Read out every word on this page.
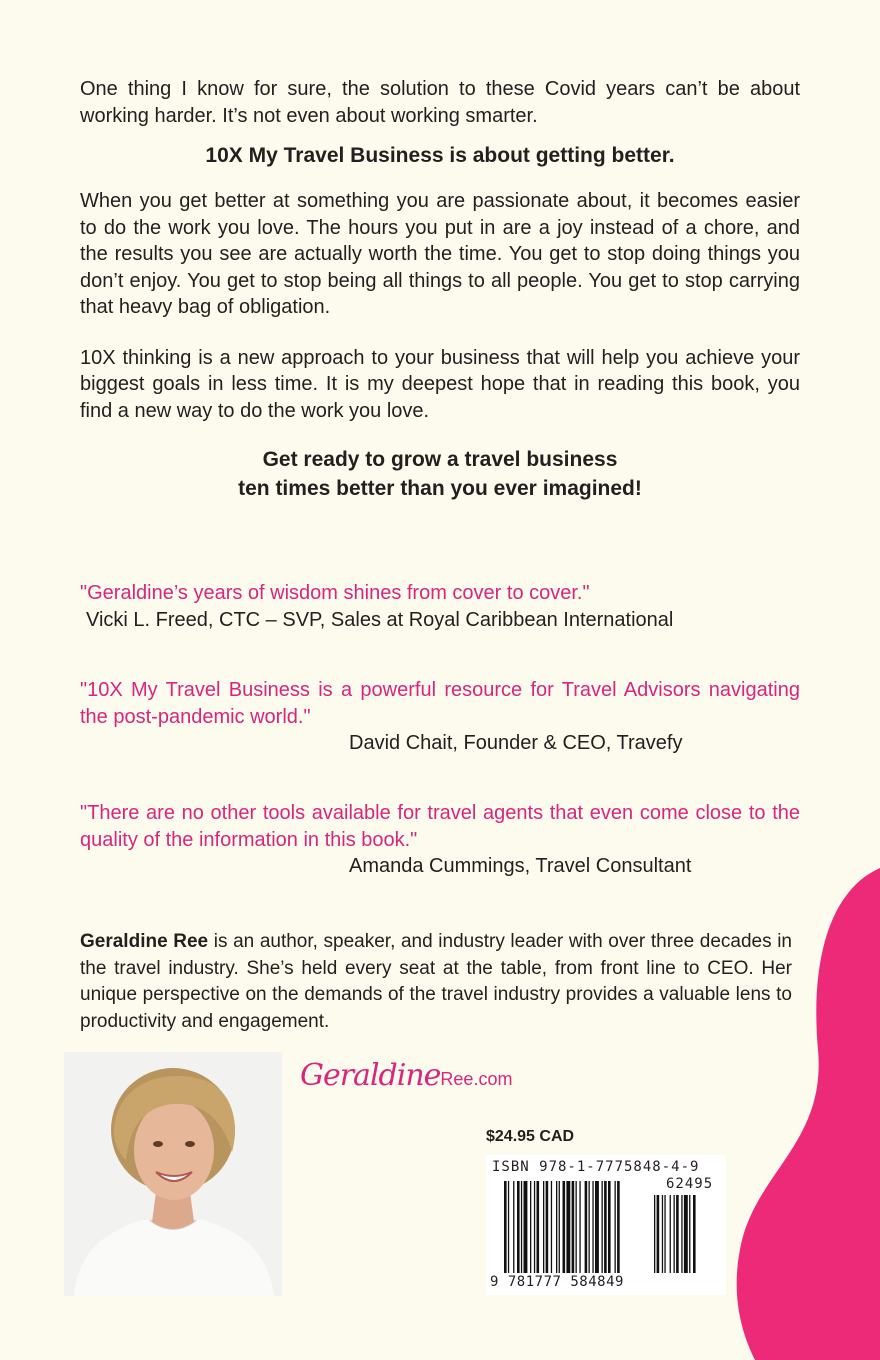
One thing I know for sure, the solution to these Covid years can’t be about working harder. It’s not even about working smarter.

10X My Travel Business is about getting better.

When you get better at something you are passionate about, it becomes easier to do the work you love. The hours you put in are a joy instead of a chore, and the results you see are actually worth the time. You get to stop doing things you don’t enjoy. You get to stop being all things to all people. You get to stop carrying that heavy bag of obligation.

10X thinking is a new approach to your business that will help you achieve your biggest goals in less time. It is my deepest hope that in reading this book, you find a new way to do the work you love.

Get ready to grow a travel business

ten times better than you ever imagined!

"Geraldine’s years of wisdom shines from cover to cover."

Vicki L. Freed, CTC – SVP, Sales at Royal Caribbean International

"10X My Travel Business is a powerful resource for Travel Advisors navigating the post-pandemic world."

David Chait, Founder & CEO, Travefy

"There are no other tools available for travel agents that even come close to the quality of the information in this book."

Amanda Cummings, Travel Consultant

Geraldine Ree is an author, speaker, and industry leader with over three decades in the travel industry. She’s held every seat at the table, from front line to CEO. Her unique perspective on the demands of the travel industry provides a valuable lens to productivity and engagement.

GeraldineRee.com
$24.95 CAD
ISBN 978-1-7775848-4-9
62495
9 781777 584849
